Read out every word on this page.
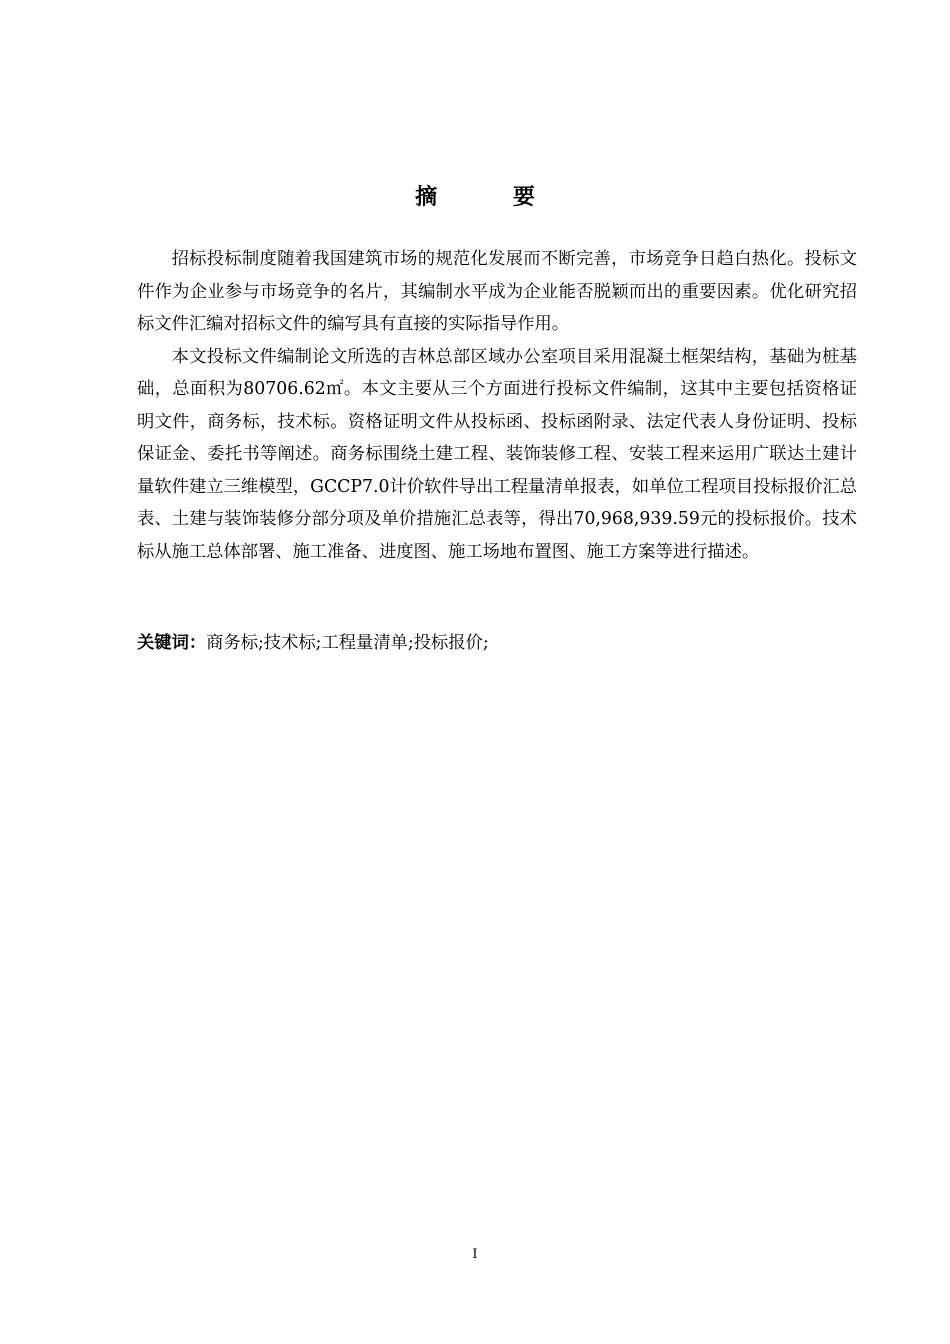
摘 要

招标投标制度随着我国建筑市场的规范化发展而不断完善，市场竞争日趋白热化。投标文件作为企业参与市场竞争的名片，其编制水平成为企业能否脱颖而出的重要因素。优化研究招标文件汇编对招标文件的编写具有直接的实际指导作用。

本文投标文件编制论文所选的吉林总部区域办公室项目采用混凝土框架结构，基础为桩基础，总面积为80706.62㎡。本文主要从三个方面进行投标文件编制，这其中主要包括资格证明文件，商务标，技术标。资格证明文件从投标函、投标函附录、法定代表人身份证明、投标保证金、委托书等阐述。商务标围绕土建工程、装饰装修工程、安装工程来运用广联达土建计量软件建立三维模型，GCCP7.0计价软件导出工程量清单报表，如单位工程项目投标报价汇总表、土建与装饰装修分部分项及单价措施汇总表等，得出70,968,939.59元的投标报价。技术标从施工总体部署、施工准备、进度图、施工场地布置图、施工方案等进行描述。

关键词：商务标;技术标;工程量清单;投标报价;
I
